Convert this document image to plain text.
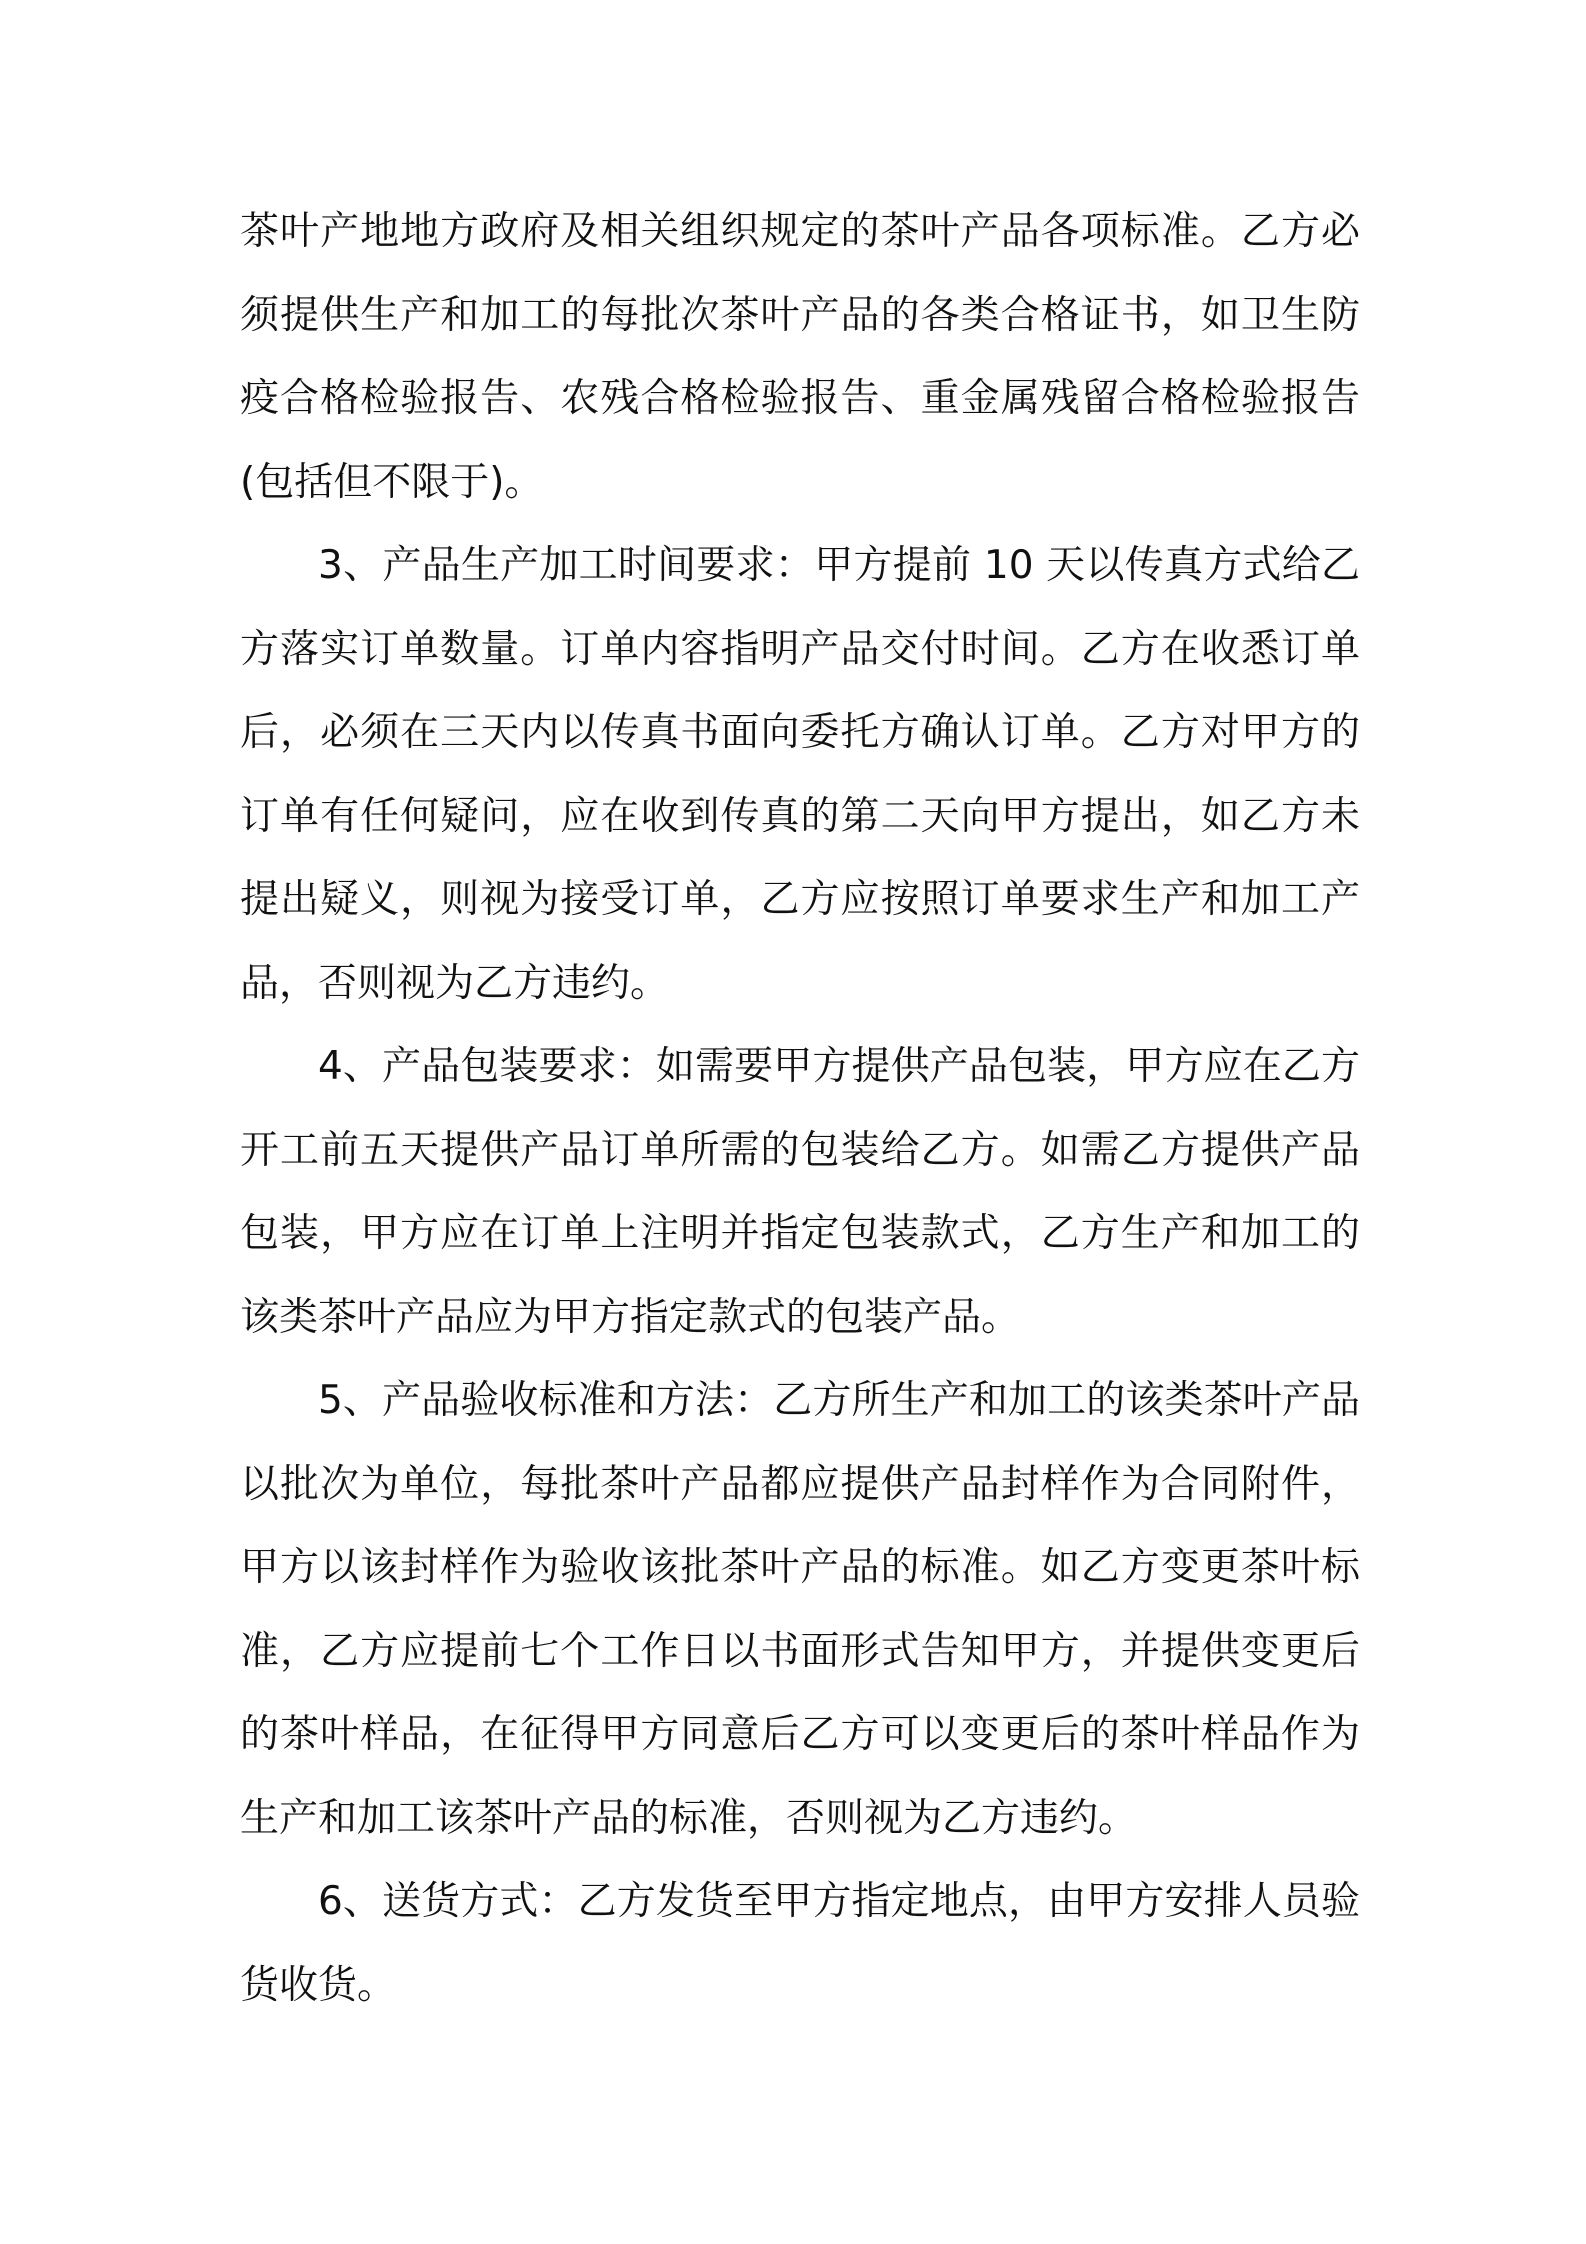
茶叶产地地方政府及相关组织规定的茶叶产品各项标准。乙方必须提供生产和加工的每批次茶叶产品的各类合格证书，如卫生防疫合格检验报告、农残合格检验报告、重金属残留合格检验报告(包括但不限于)。

3、产品生产加工时间要求：甲方提前 10 天以传真方式给乙方落实订单数量。订单内容指明产品交付时间。乙方在收悉订单后，必须在三天内以传真书面向委托方确认订单。乙方对甲方的订单有任何疑问，应在收到传真的第二天向甲方提出，如乙方未提出疑义，则视为接受订单，乙方应按照订单要求生产和加工产品，否则视为乙方违约。

4、产品包装要求：如需要甲方提供产品包装，甲方应在乙方开工前五天提供产品订单所需的包装给乙方。如需乙方提供产品包装，甲方应在订单上注明并指定包装款式，乙方生产和加工的该类茶叶产品应为甲方指定款式的包装产品。

5、产品验收标准和方法：乙方所生产和加工的该类茶叶产品以批次为单位，每批茶叶产品都应提供产品封样作为合同附件，甲方以该封样作为验收该批茶叶产品的标准。如乙方变更茶叶标准，乙方应提前七个工作日以书面形式告知甲方，并提供变更后的茶叶样品，在征得甲方同意后乙方可以变更后的茶叶样品作为生产和加工该茶叶产品的标准，否则视为乙方违约。

6、送货方式：乙方发货至甲方指定地点，由甲方安排人员验货收货。
